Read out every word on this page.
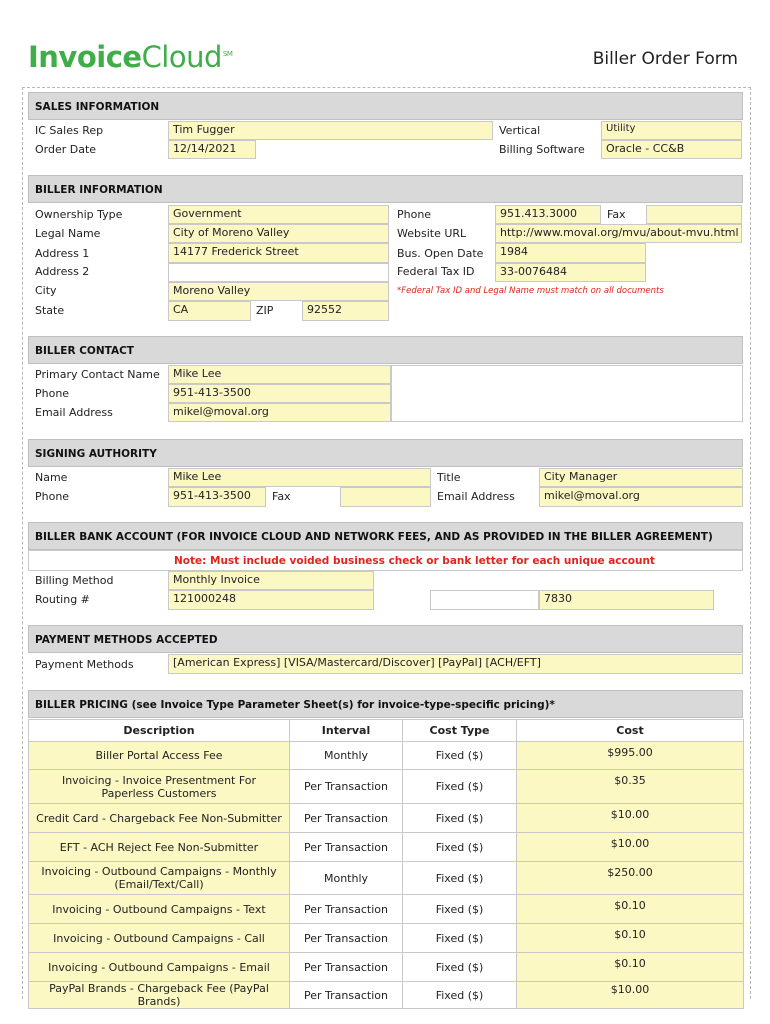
InvoiceCloud℠	Biller Order Form
SALES INFORMATION
IC Sales Rep	Tim Fugger
Order Date	12/14/2021
Vertical	Utility
Billing Software	Oracle - CC&B
BILLER INFORMATION
Ownership Type	Government
Legal Name	City of Moreno Valley
Address 1	14177 Frederick Street
Address 2
City	Moreno Valley
State	CA	ZIP	92552
Phone	951.413.3000	Fax
Website URL	http://www.moval.org/mvu/about-mvu.html
Bus. Open Date	1984
Federal Tax ID	33-0076484
*Federal Tax ID and Legal Name must match on all documents
BILLER CONTACT
Primary Contact Name	Mike Lee
Phone	951-413-3500
Email Address	mikel@moval.org
SIGNING AUTHORITY
Name	Mike Lee
Phone	951-413-3500	Fax
Title	City Manager
Email Address	mikel@moval.org
BILLER BANK ACCOUNT (FOR INVOICE CLOUD AND NETWORK FEES, AND AS PROVIDED IN THE BILLER AGREEMENT)
Note: Must include voided business check or bank letter for each unique account
Billing Method	Monthly Invoice
Routing #	121000248	7830
PAYMENT METHODS ACCEPTED
Payment Methods	[American Express] [VISA/Mastercard/Discover] [PayPal] [ACH/EFT]
BILLER PRICING (see Invoice Type Parameter Sheet(s) for invoice-type-specific pricing)*
Description	Interval	Cost Type	Cost
Biller Portal Access Fee	Monthly	Fixed ($)	$995.00
Invoicing - Invoice Presentment For Paperless Customers	Per Transaction	Fixed ($)	$0.35
Credit Card - Chargeback Fee Non-Submitter	Per Transaction	Fixed ($)	$10.00
EFT - ACH Reject Fee Non-Submitter	Per Transaction	Fixed ($)	$10.00
Invoicing - Outbound Campaigns - Monthly (Email/Text/Call)	Monthly	Fixed ($)	$250.00
Invoicing - Outbound Campaigns - Text	Per Transaction	Fixed ($)	$0.10
Invoicing - Outbound Campaigns - Call	Per Transaction	Fixed ($)	$0.10
Invoicing - Outbound Campaigns - Email	Per Transaction	Fixed ($)	$0.10
PayPal Brands - Chargeback Fee (PayPal Brands)	Per Transaction	Fixed ($)	$10.00
